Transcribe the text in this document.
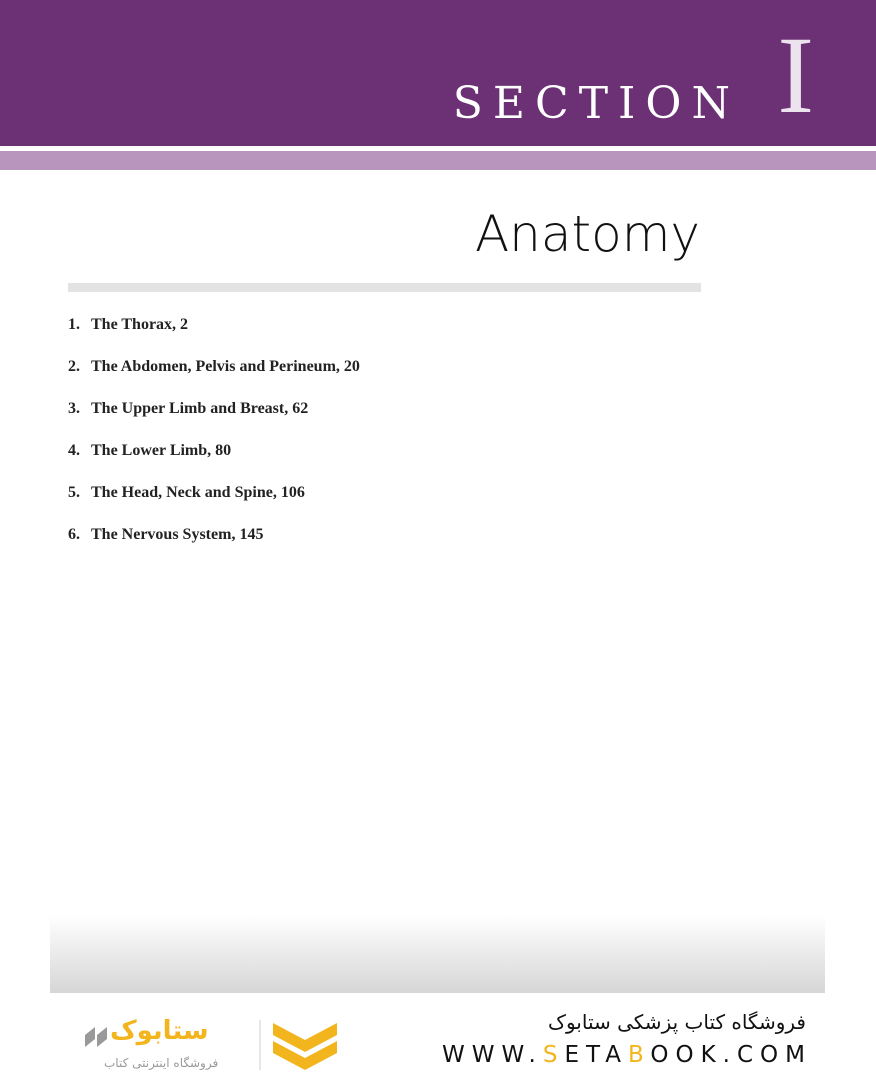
SECTION I
Anatomy
1. The Thorax, 2
2. The Abdomen, Pelvis and Perineum, 20
3. The Upper Limb and Breast, 62
4. The Lower Limb, 80
5. The Head, Neck and Spine, 106
6. The Nervous System, 145
ستابوک
فروشگاه اینترنتی کتاب
فروشگاه کتاب پزشکی ستابوک
WWW.SETABOOK.COM
